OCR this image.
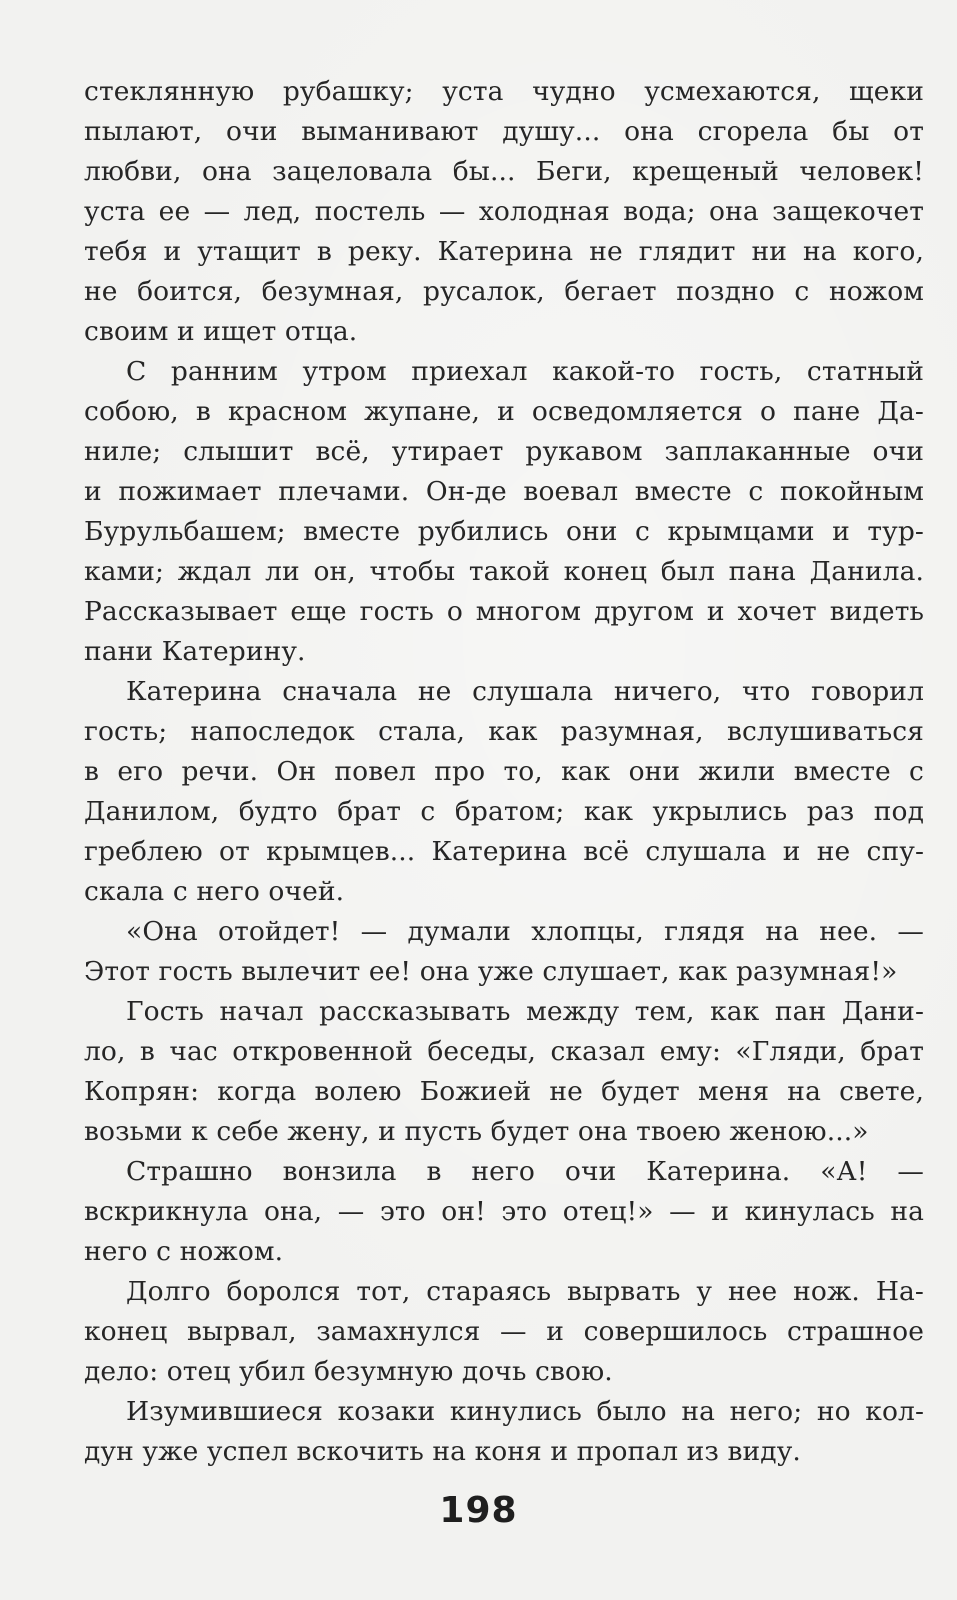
стеклянную рубашку; уста чудно усмехаются, щеки
пылают, очи выманивают душу... она сгорела бы от
любви, она зацеловала бы... Беги, крещеный человек!
уста ее — лед, постель — холодная вода; она защекочет
тебя и утащит в реку. Катерина не глядит ни на кого,
не боится, безумная, русалок, бегает поздно с ножом
своим и ищет отца.
С ранним утром приехал какой-то гость, статный
собою, в красном жупане, и осведомляется о пане Да-
ниле; слышит всё, утирает рукавом заплаканные очи
и пожимает плечами. Он-де воевал вместе с покойным
Бурульбашем; вместе рубились они с крымцами и тур-
ками; ждал ли он, чтобы такой конец был пана Данила.
Рассказывает еще гость о многом другом и хочет видеть
пани Катерину.
Катерина сначала не слушала ничего, что говорил
гость; напоследок стала, как разумная, вслушиваться
в его речи. Он повел про то, как они жили вместе с
Данилом, будто брат с братом; как укрылись раз под
греблею от крымцев... Катерина всё слушала и не спу-
скала с него очей.
«Она отойдет! — думали хлопцы, глядя на нее. —
Этот гость вылечит ее! она уже слушает, как разумная!»
Гость начал рассказывать между тем, как пан Дани-
ло, в час откровенной беседы, сказал ему: «Гляди, брат
Копрян: когда волею Божией не будет меня на свете,
возьми к себе жену, и пусть будет она твоею женою...»
Страшно вонзила в него очи Катерина. «А! —
вскрикнула она, — это он! это отец!» — и кинулась на
него с ножом.
Долго боролся тот, стараясь вырвать у нее нож. На-
конец вырвал, замахнулся — и совершилось страшное
дело: отец убил безумную дочь свою.
Изумившиеся козаки кинулись было на него; но кол-
дун уже успел вскочить на коня и пропал из виду.
198
